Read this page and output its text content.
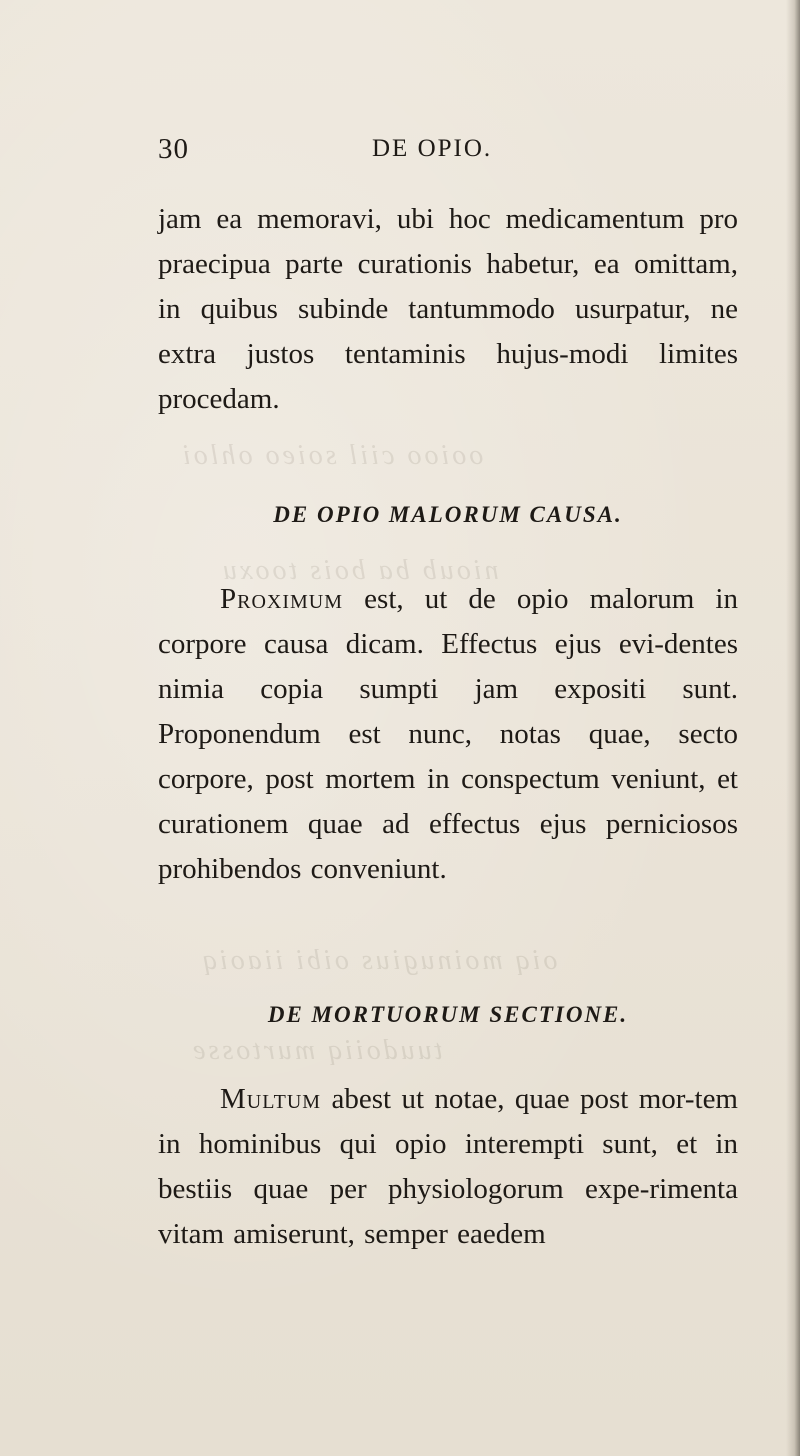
ooioo ciil soieo ohloi
nioub ba bois tooxu
oiq moinugius oibi iiaoiq
tuudoiiq murtosse
30	DE OPIO.
jam ea memoravi, ubi hoc medicamentum pro praecipua parte curationis habetur, ea omittam, in quibus subinde tantummodo usurpatur, ne extra justos tentaminis hujus-modi limites procedam.
DE OPIO MALORUM CAUSA.
Proximum est, ut de opio malorum in corpore causa dicam. Effectus ejus evi-dentes nimia copia sumpti jam expositi sunt. Proponendum est nunc, notas quae, secto corpore, post mortem in conspectum veniunt, et curationem quae ad effectus ejus perniciosos prohibendos conveniunt.
DE MORTUORUM SECTIONE.
Multum abest ut notae, quae post mor-tem in hominibus qui opio interempti sunt, et in bestiis quae per physiologorum expe-rimenta vitam amiserunt, semper eaedem
